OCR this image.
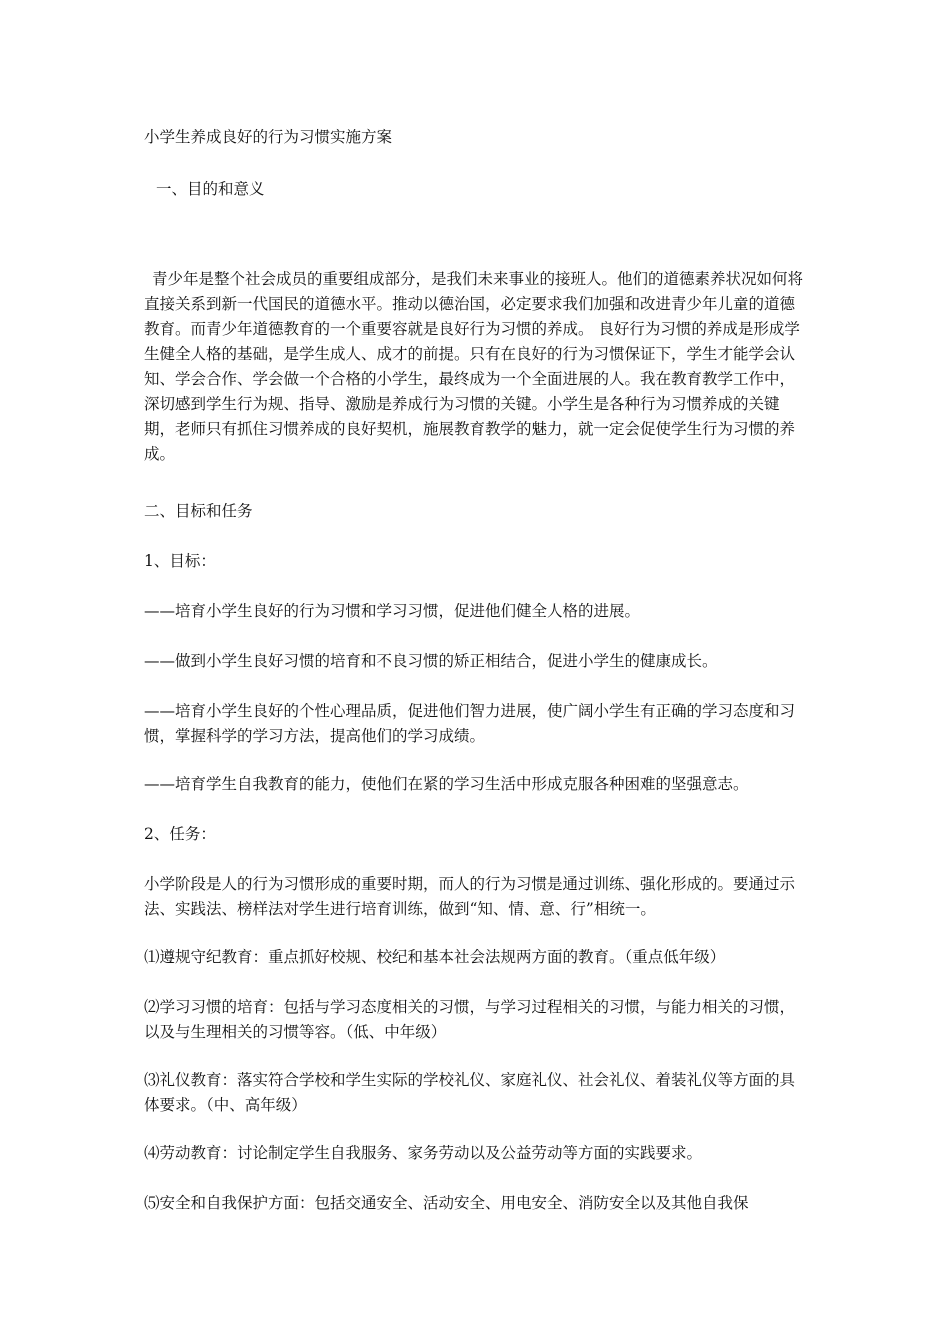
小学生养成良好的行为习惯实施方案

一、目的和意义

青少年是整个社会成员的重要组成部分，是我们未来事业的接班人。他们的道德素养状况如何将直接关系到新一代国民的道德水平。推动以德治国，必定要求我们加强和改进青少年儿童的道德教育。而青少年道德教育的一个重要容就是良好行为习惯的养成。 良好行为习惯的养成是形成学生健全人格的基础，是学生成人、成才的前提。只有在良好的行为习惯保证下，学生才能学会认知、学会合作、学会做一个合格的小学生，最终成为一个全面进展的人。我在教育教学工作中，深切感到学生行为规、指导、激励是养成行为习惯的关键。小学生是各种行为习惯养成的关键期，老师只有抓住习惯养成的良好契机，施展教育教学的魅力，就一定会促使学生行为习惯的养成。

二、目标和任务

1、目标：

——培育小学生良好的行为习惯和学习习惯，促进他们健全人格的进展。

——做到小学生良好习惯的培育和不良习惯的矫正相结合，促进小学生的健康成长。

——培育小学生良好的个性心理品质，促进他们智力进展，使广阔小学生有正确的学习态度和习惯，掌握科学的学习方法，提高他们的学习成绩。

——培育学生自我教育的能力，使他们在紧的学习生活中形成克服各种困难的坚强意志。

2、任务：

小学阶段是人的行为习惯形成的重要时期，而人的行为习惯是通过训练、强化形成的。要通过示法、实践法、榜样法对学生进行培育训练，做到“知、情、意、行”相统一。

⑴遵规守纪教育：重点抓好校规、校纪和基本社会法规两方面的教育。（重点低年级）

⑵学习习惯的培育：包括与学习态度相关的习惯，与学习过程相关的习惯，与能力相关的习惯，以及与生理相关的习惯等容。（低、中年级）

⑶礼仪教育：落实符合学校和学生实际的学校礼仪、家庭礼仪、社会礼仪、着装礼仪等方面的具体要求。（中、高年级）

⑷劳动教育：讨论制定学生自我服务、家务劳动以及公益劳动等方面的实践要求。

⑸安全和自我保护方面：包括交通安全、活动安全、用电安全、消防安全以及其他自我保
